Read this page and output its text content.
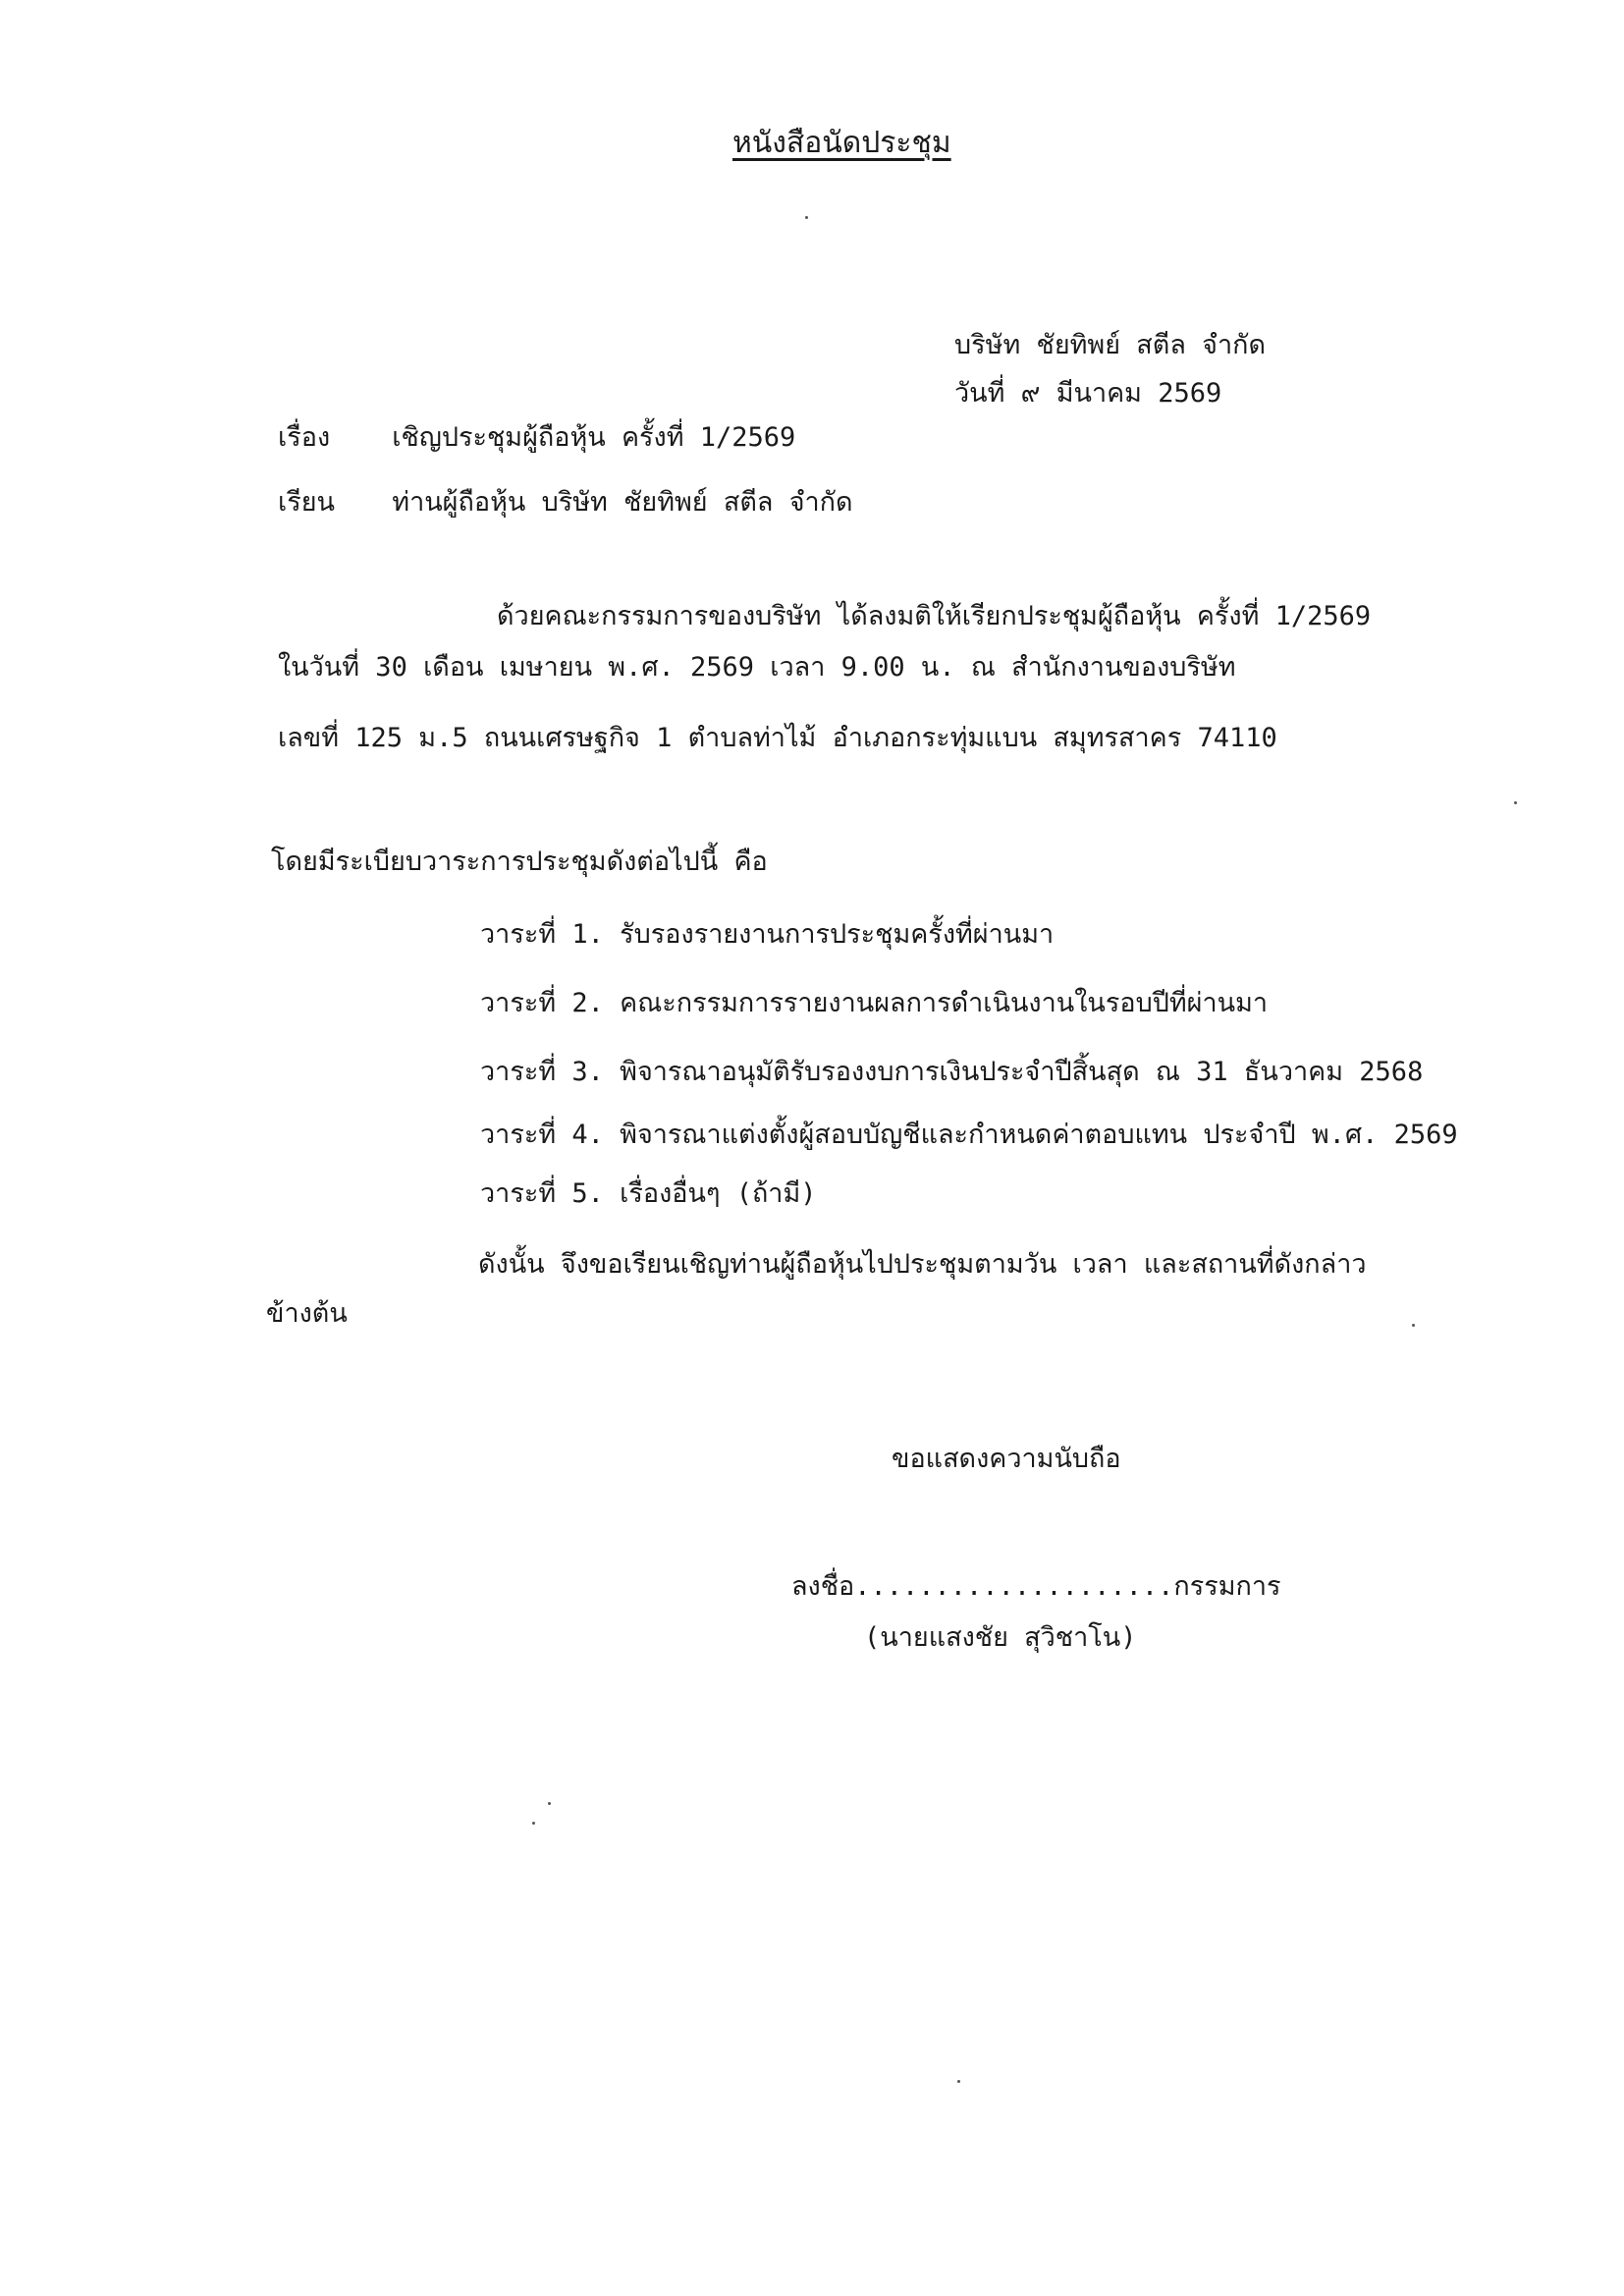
หนังสือนัดประชุม
บริษัท ชัยทิพย์ สตีล จำกัด
วันที่ ๙ มีนาคม 2569
เรื่อง เชิญประชุมผู้ถือหุ้น ครั้งที่ 1/2569
เรียน ท่านผู้ถือหุ้น บริษัท ชัยทิพย์ สตีล จำกัด
ด้วยคณะกรรมการของบริษัท ได้ลงมติให้เรียกประชุมผู้ถือหุ้น ครั้งที่ 1/2569
ในวันที่ 30 เดือน เมษายน พ.ศ. 2569 เวลา 9.00 น. ณ สำนักงานของบริษัท
เลขที่ 125 ม.5 ถนนเศรษฐกิจ 1 ตำบลท่าไม้ อำเภอกระทุ่มแบน สมุทรสาคร 74110
โดยมีระเบียบวาระการประชุมดังต่อไปนี้ คือ
วาระที่ 1. รับรองรายงานการประชุมครั้งที่ผ่านมา
วาระที่ 2. คณะกรรมการรายงานผลการดำเนินงานในรอบปีที่ผ่านมา
วาระที่ 3. พิจารณาอนุมัติรับรองงบการเงินประจำปีสิ้นสุด ณ 31 ธันวาคม 2568
วาระที่ 4. พิจารณาแต่งตั้งผู้สอบบัญชีและกำหนดค่าตอบแทน ประจำปี พ.ศ. 2569
วาระที่ 5. เรื่องอื่นๆ (ถ้ามี)
ดังนั้น จึงขอเรียนเชิญท่านผู้ถือหุ้นไปประชุมตามวัน เวลา และสถานที่ดังกล่าว
ข้างต้น
ขอแสดงความนับถือ
ลงชื่อ....................กรรมการ
(นายแสงชัย สุวิชาโน)
